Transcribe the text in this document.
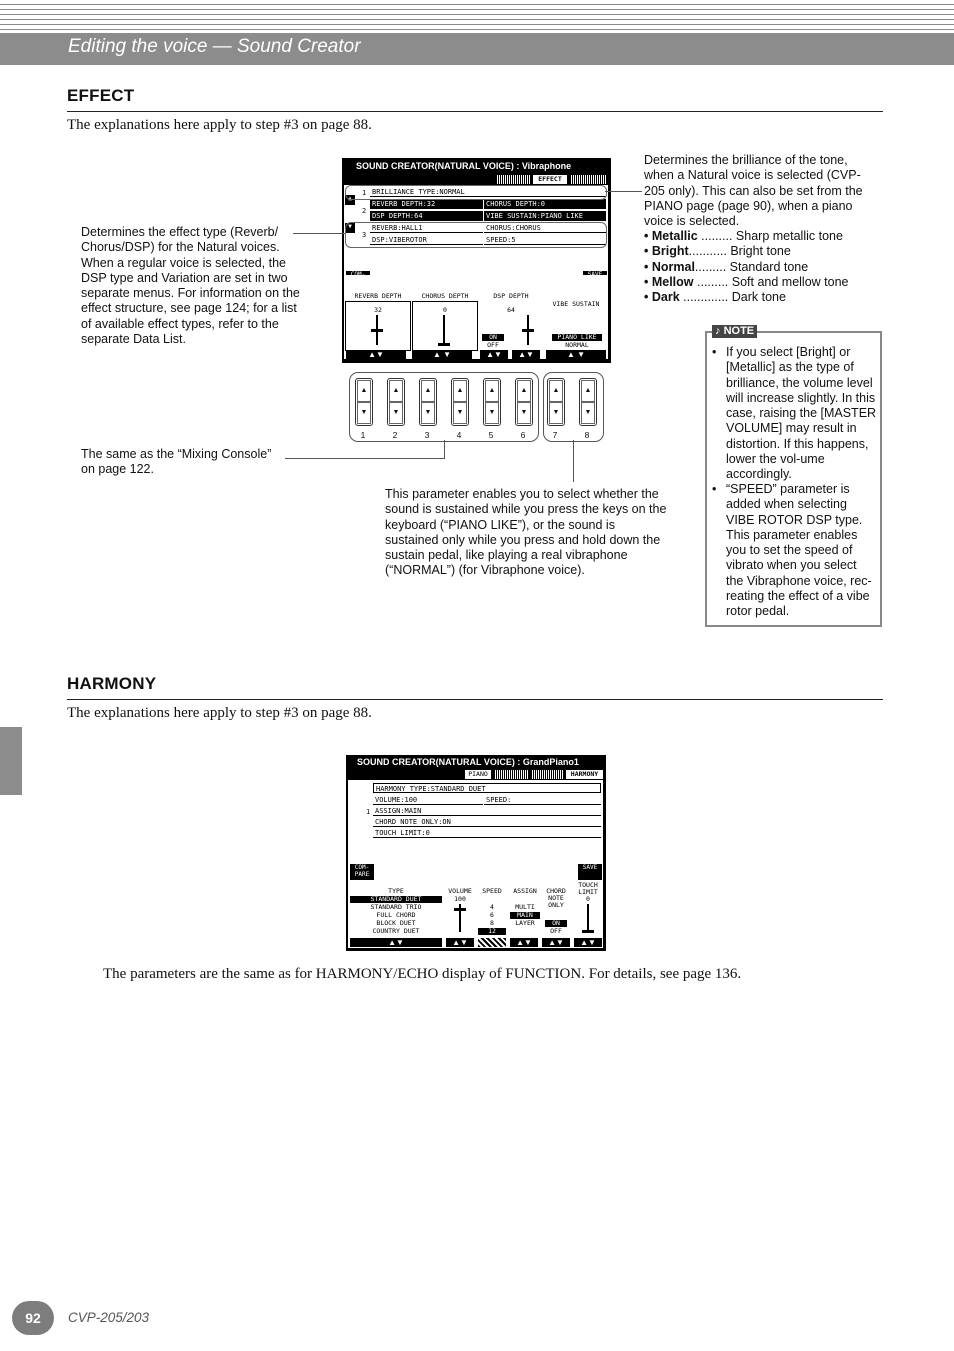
Editing the voice — Sound Creator
EFFECT
The explanations here apply to step #3 on page 88.
SOUND CREATOR(NATURAL VOICE) : Vibraphone
EFFECT
▲
▼
1
2
3
BRILLIANCE TYPE:NORMAL
REVERB DEPTH:32	CHORUS DEPTH:0
DSP DEPTH:64	VIBE SUSTAIN:PIANO LIKE
REVERB:HALL1	CHORUS:CHORUS
DSP:VIBEROTOR	SPEED:5
REVERB DEPTH	CHORUS DEPTH	DSP DEPTH
VIBE SUSTAIN
32	0	64
ON
OFF
PIANO LIKE
NORMAL
▲▼	▲ ▼	▲▼	▲▼	▲ ▼
▲
▼
▲
▼
▲
▼
▲
▼
▲
▼
▲
▼
▲
▼
▲
▼
1	2	3	4	5	6	7	8
Determines the effect type (Reverb/ Chorus/DSP) for the Natural voices. When a regular voice is selected, the DSP type and Variation are set in two separate menus. For information on the effect structure, see page 124; for a list of available effect types, refer to the separate Data List.
The same as the “Mixing Console” on page 122.
This parameter enables you to select whether the sound is sustained while you press the keys on the keyboard (“PIANO LIKE”), or the sound is sustained only while you press and hold down the sustain pedal, like playing a real vibraphone (“NORMAL”) (for Vibraphone voice).
Determines the brilliance of the tone, when a Natural voice is selected (CVP-205 only). This can also be set from the PIANO page (page 90), when a piano voice is selected.
• Metallic ......... Sharp metallic tone
• Bright........... Bright tone
• Normal......... Standard tone
• Mellow ......... Soft and mellow tone
• Dark ............. Dark tone
♪ NOTE
• If you select [Bright] or [Metallic] as the type of brilliance, the volume level will increase slightly. In this case, raising the [MASTER VOLUME] may result in distortion. If this happens, lower the vol-ume accordingly.
• “SPEED” parameter is added when selecting VIBE ROTOR DSP type. This parameter enables you to set the speed of vibrato when you select the Vibraphone voice, rec-reating the effect of a vibe rotor pedal.
HARMONY
The explanations here apply to step #3 on page 88.
SOUND CREATOR(NATURAL VOICE) : GrandPiano1
PIANO	HARMONY
1
HARMONY TYPE:STANDARD DUET
VOLUME:100	SPEED:
ASSIGN:MAIN
CHORD NOTE ONLY:ON
TOUCH LIMIT:0
COM-PARE
SAVE
TYPE
STANDARD DUET
STANDARD TRIO
FULL CHORD
BLOCK DUET
COUNTRY DUET
VOLUME
100
SPEED
4
6
8
12
ASSIGN
MULTI
MAIN
LAYER
CHORD NOTE ONLY
ON
OFF
TOUCH LIMIT
0
▲▼	▲▼	▲▼	▲▼	▲▼
The parameters are the same as for HARMONY/ECHO display of FUNCTION. For details, see page 136.
92	CVP-205/203
